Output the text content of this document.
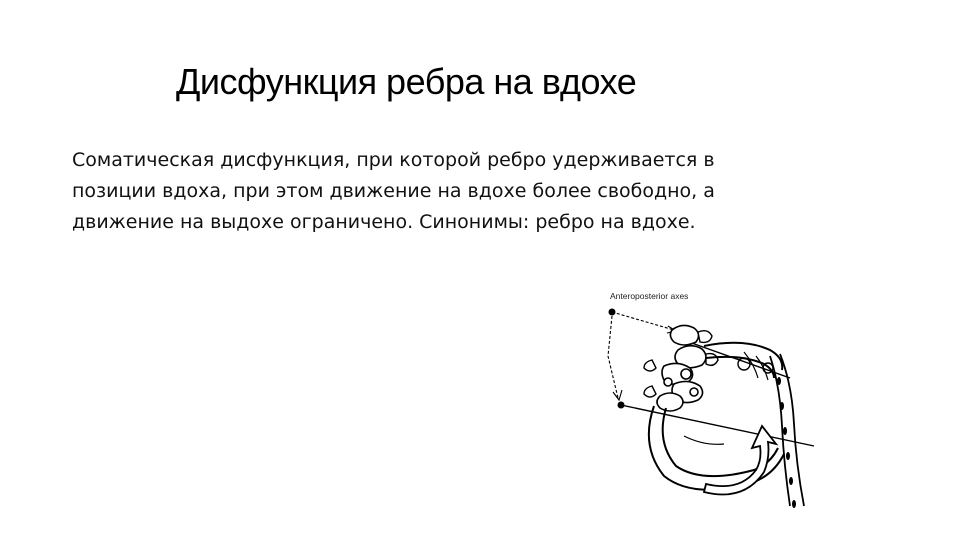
Дисфункция ребра на вдохе

Соматическая дисфункция, при которой ребро удерживается в
позиции вдоха, при этом движение на вдохе более свободно, а
движение на выдохе ограничено. Синонимы: ребро на вдохе.

Anteroposterior axes
